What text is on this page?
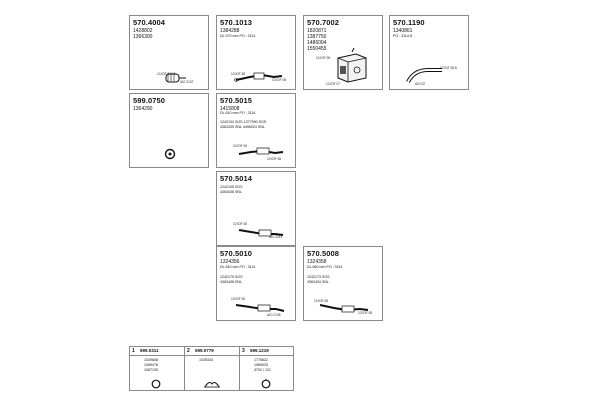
570.4004
1428802
1366300
10 IDF 503 5
AIO 2137
570.1013
1384288
DL 570 mm PO : 3114
10 IDF 38
10 IDF 08
570.7002
1820871
1387750
1486004
1550455
10 IDF 05
10 IDF 07
570.1190
1340861
PO : 3114-8
10 IDF 08 8
AIO 02
599.0750
1364290
570.5015
1415808
DL 610 mm PO : 3114
1242104 SGS 1377990 SGS
4363435 SNL 4496024 SNL
10 IDF 05
10 IDF 08
570.5014
1242105 SGS
4363436 SNL
10 IDF 05
AIO 3114
570.5010
1324356
DL 640 mm PO : 3114
1242179 SGS
4363438 SNL
10 IDF 05
AIO 2135
570.5008
1324358
DL 660 mm PO : 3114
1242173 SGS
4363434 SNL
10 IDF 06
10 IDF 08
1 599.0311
1039658
1499476
1087139
2 599.0779
1039334
3 599.1219
1775622
1989025
3702 / 121
